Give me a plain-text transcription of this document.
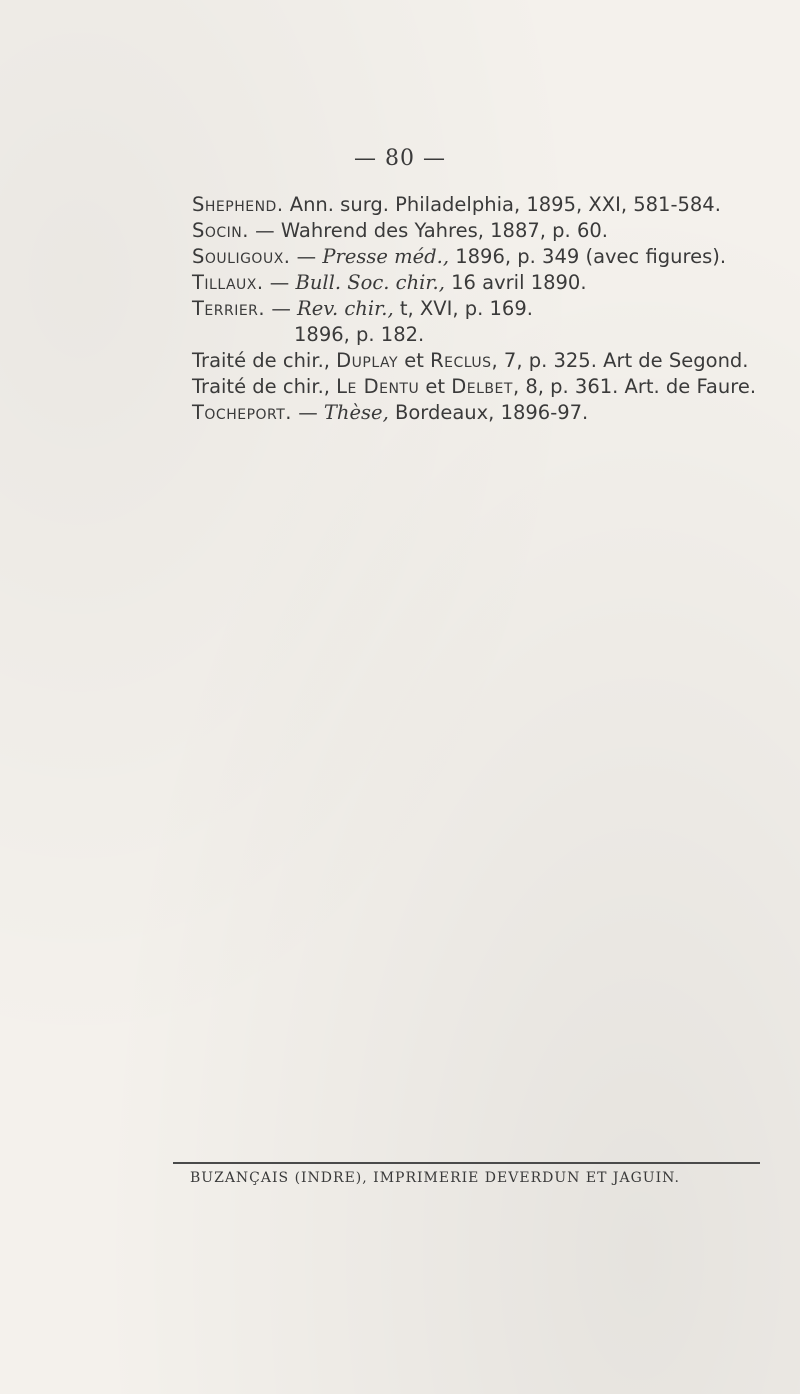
— 80 —
Shephend. Ann. surg. Philadelphia, 1895, XXI, 581-584.
Socin. — Wahrend des Yahres, 1887, p. 60.
Souligoux. — Presse méd., 1896, p. 349 (avec figures).
Tillaux. — Bull. Soc. chir., 16 avril 1890.
Terrier. — Rev. chir., t, XVI, p. 169.
1896, p. 182.
Traité de chir., Duplay et Reclus, 7, p. 325. Art de Segond.
Traité de chir., Le Dentu et Delbet, 8, p. 361. Art. de Faure.
Tocheport. — Thèse, Bordeaux, 1896-97.
BUZANÇAIS (INDRE), IMPRIMERIE DEVERDUN ET JAGUIN.
